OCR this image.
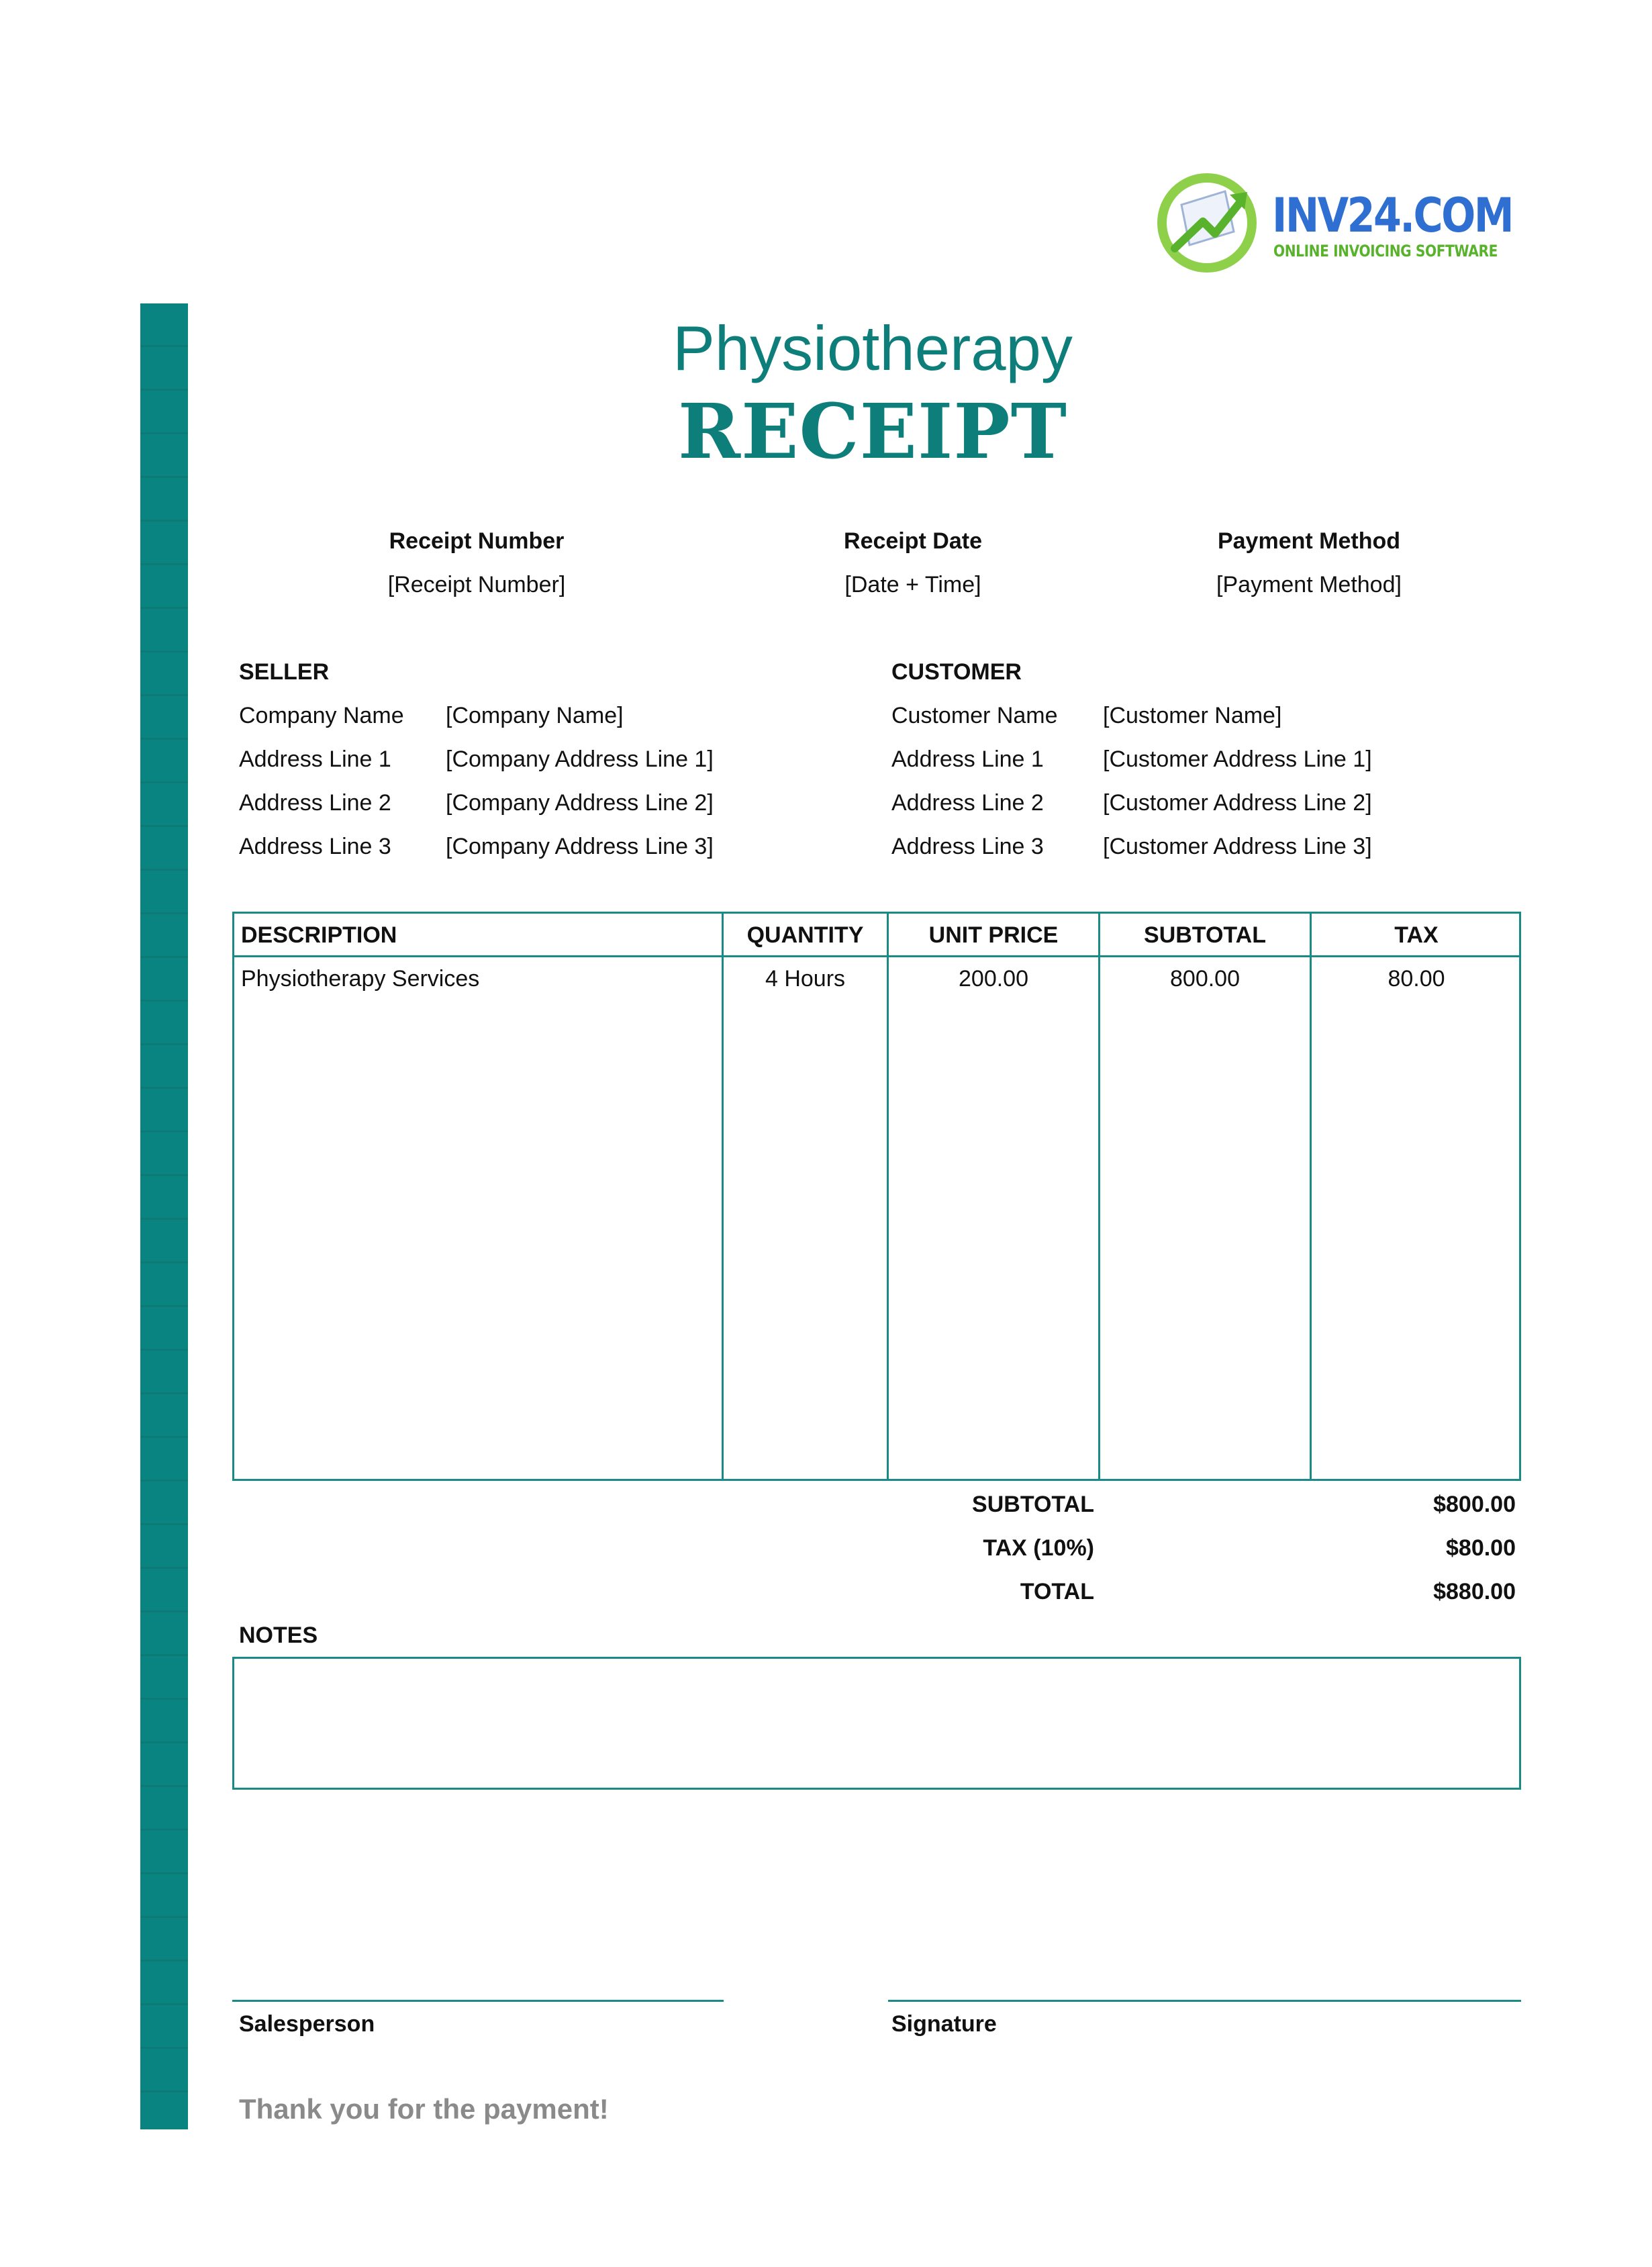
INV24.COM
ONLINE INVOICING SOFTWARE
Physiotherapy
RECEIPT
Receipt Number
[Receipt Number]
Receipt Date
[Date + Time]
Payment Method
[Payment Method]
SELLER
Company Name [Company Name]
Address Line 1 [Company Address Line 1]
Address Line 2 [Company Address Line 2]
Address Line 3 [Company Address Line 3]
CUSTOMER
Customer Name [Customer Name]
Address Line 1	[Customer Address Line 1]
Address Line 2	[Customer Address Line 2]
Address Line 3	[Customer Address Line 3]
DESCRIPTION	QUANTITY	UNIT PRICE	SUBTOTAL	TAX
Physiotherapy Services	4 Hours	200.00	800.00	80.00
SUBTOTAL	$800.00
TAX (10%)	$80.00
TOTAL	$880.00
NOTES
Salesperson	Signature
Thank you for the payment!
